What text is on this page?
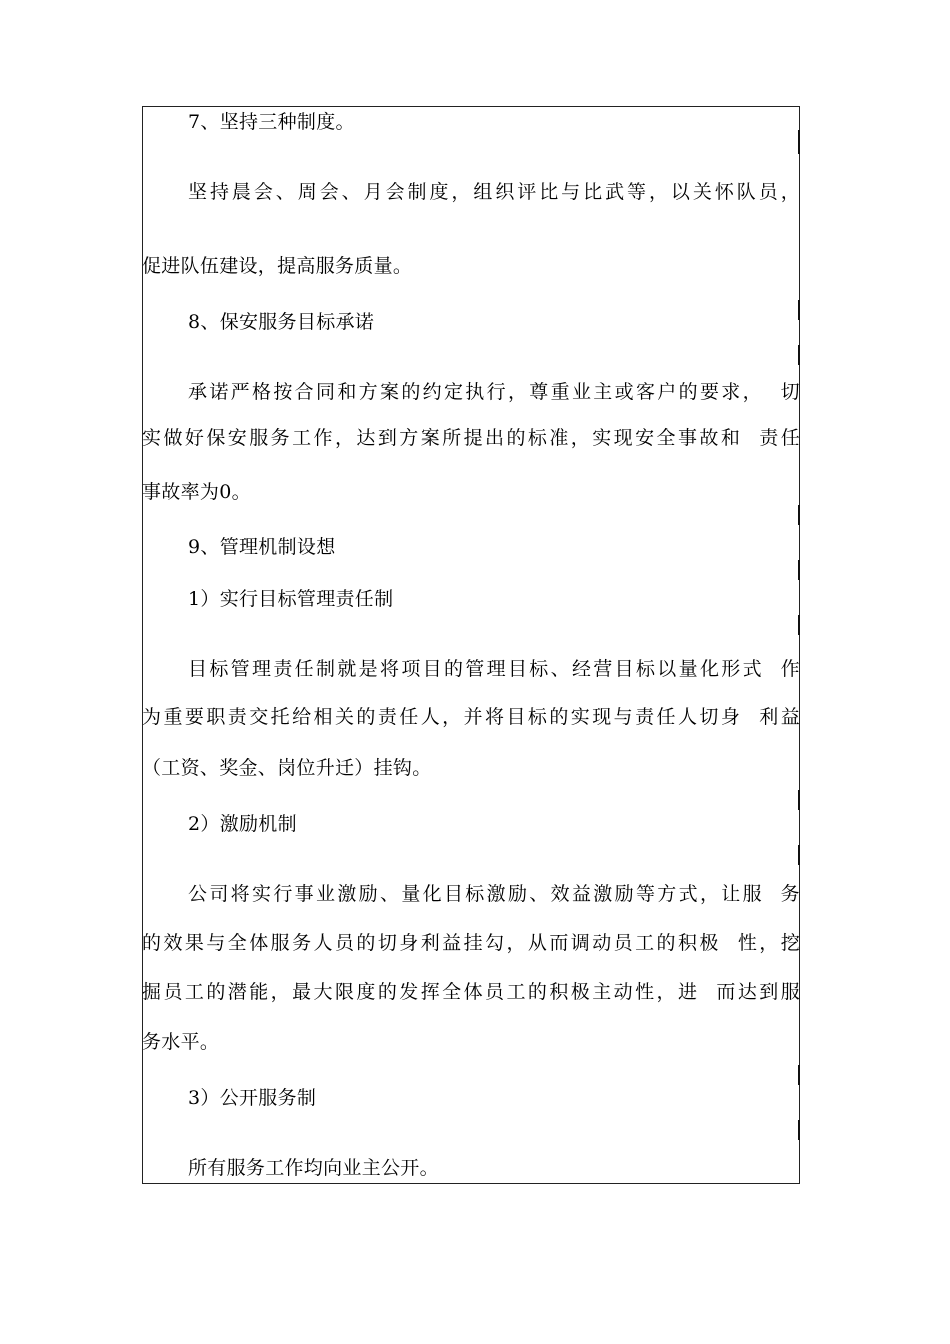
7、坚持三种制度。
坚持晨会、周会、月会制度，组织评比与比武等，以关怀队员，
促进队伍建设，提高服务质量。
8、保安服务目标承诺
承诺严格按合同和方案的约定执行，尊重业主或客户的要求，  切
实做好保安服务工作，达到方案所提出的标准，实现安全事故和  责任
事故率为0。
9、管理机制设想
1）实行目标管理责任制
目标管理责任制就是将项目的管理目标、经营目标以量化形式  作
为重要职责交托给相关的责任人，并将目标的实现与责任人切身  利益
（工资、奖金、岗位升迁）挂钩。
2）激励机制
公司将实行事业激励、量化目标激励、效益激励等方式，让服  务
的效果与全体服务人员的切身利益挂勾，从而调动员工的积极  性，挖
掘员工的潜能，最大限度的发挥全体员工的积极主动性，进  而达到服
务水平。
3）公开服务制
所有服务工作均向业主公开。
